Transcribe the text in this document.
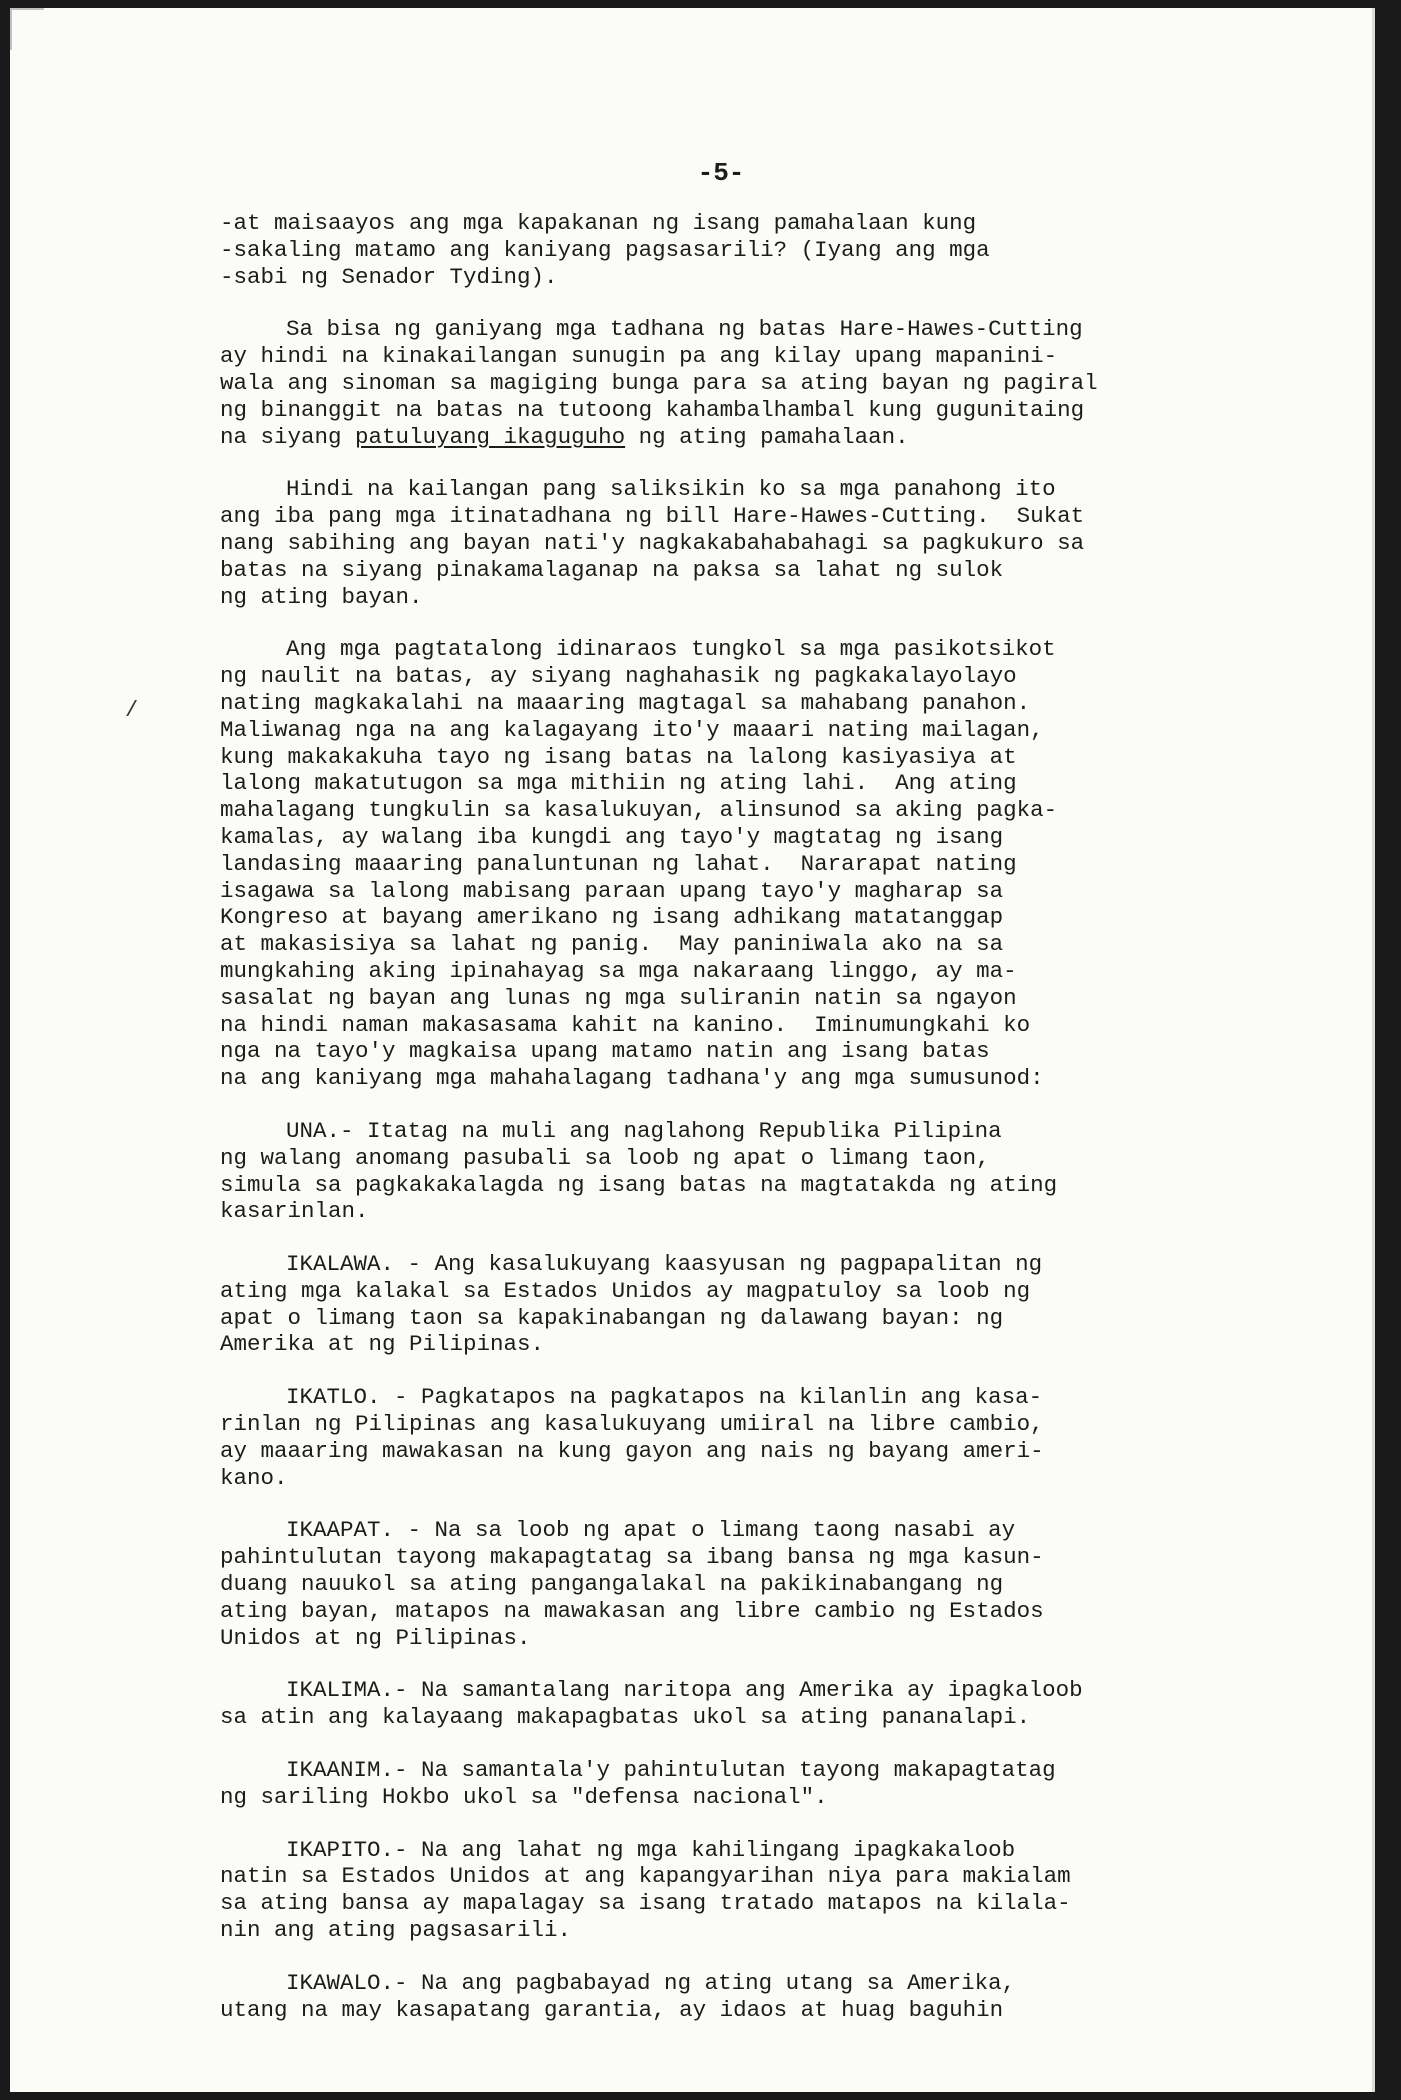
-5-
/
-at maisaayos ang mga kapakanan ng isang pamahalaan kung
-sakaling matamo ang kaniyang pagsasarili? (Iyang ang mga
-sabi ng Senador Tyding).
Sa bisa ng ganiyang mga tadhana ng batas Hare-Hawes-Cutting
ay hindi na kinakailangan sunugin pa ang kilay upang mapanini-
wala ang sinoman sa magiging bunga para sa ating bayan ng pagiral
ng binanggit na batas na tutoong kahambalhambal kung gugunitaing
na siyang patuluyang ikaguguho ng ating pamahalaan.
Hindi na kailangan pang saliksikin ko sa mga panahong ito
ang iba pang mga itinatadhana ng bill Hare-Hawes-Cutting.  Sukat
nang sabihing ang bayan nati'y nagkakabahabahagi sa pagkukuro sa
batas na siyang pinakamalaganap na paksa sa lahat ng sulok
ng ating bayan.
Ang mga pagtatalong idinaraos tungkol sa mga pasikotsikot
ng naulit na batas, ay siyang naghahasik ng pagkakalayolayo
nating magkakalahi na maaaring magtagal sa mahabang panahon.
Maliwanag nga na ang kalagayang ito'y maaari nating mailagan,
kung makakakuha tayo ng isang batas na lalong kasiyasiya at
lalong makatutugon sa mga mithiin ng ating lahi.  Ang ating
mahalagang tungkulin sa kasalukuyan, alinsunod sa aking pagka-
kamalas, ay walang iba kungdi ang tayo'y magtatag ng isang
landasing maaaring panaluntunan ng lahat.  Nararapat nating
isagawa sa lalong mabisang paraan upang tayo'y magharap sa
Kongreso at bayang amerikano ng isang adhikang matatanggap
at makasisiya sa lahat ng panig.  May paniniwala ako na sa
mungkahing aking ipinahayag sa mga nakaraang linggo, ay ma-
sasalat ng bayan ang lunas ng mga suliranin natin sa ngayon
na hindi naman makasasama kahit na kanino.  Iminumungkahi ko
nga na tayo'y magkaisa upang matamo natin ang isang batas
na ang kaniyang mga mahahalagang tadhana'y ang mga sumusunod:
UNA.- Itatag na muli ang naglahong Republika Pilipina
ng walang anomang pasubali sa loob ng apat o limang taon,
simula sa pagkakakalagda ng isang batas na magtatakda ng ating
kasarinlan.
IKALAWA. - Ang kasalukuyang kaasyusan ng pagpapalitan ng
ating mga kalakal sa Estados Unidos ay magpatuloy sa loob ng
apat o limang taon sa kapakinabangan ng dalawang bayan: ng
Amerika at ng Pilipinas.
IKATLO. - Pagkatapos na pagkatapos na kilanlin ang kasa-
rinlan ng Pilipinas ang kasalukuyang umiiral na libre cambio,
ay maaaring mawakasan na kung gayon ang nais ng bayang ameri-
kano.
IKAAPAT. - Na sa loob ng apat o limang taong nasabi ay
pahintulutan tayong makapagtatag sa ibang bansa ng mga kasun-
duang nauukol sa ating pangangalakal na pakikinabangang ng
ating bayan, matapos na mawakasan ang libre cambio ng Estados
Unidos at ng Pilipinas.
IKALIMA.- Na samantalang naritopa ang Amerika ay ipagkaloob
sa atin ang kalayaang makapagbatas ukol sa ating pananalapi.
IKAANIM.- Na samantala'y pahintulutan tayong makapagtatag
ng sariling Hokbo ukol sa "defensa nacional".
IKAPITO.- Na ang lahat ng mga kahilingang ipagkakaloob
natin sa Estados Unidos at ang kapangyarihan niya para makialam
sa ating bansa ay mapalagay sa isang tratado matapos na kilala-
nin ang ating pagsasarili.
IKAWALO.- Na ang pagbabayad ng ating utang sa Amerika,
utang na may kasapatang garantia, ay idaos at huag baguhin
